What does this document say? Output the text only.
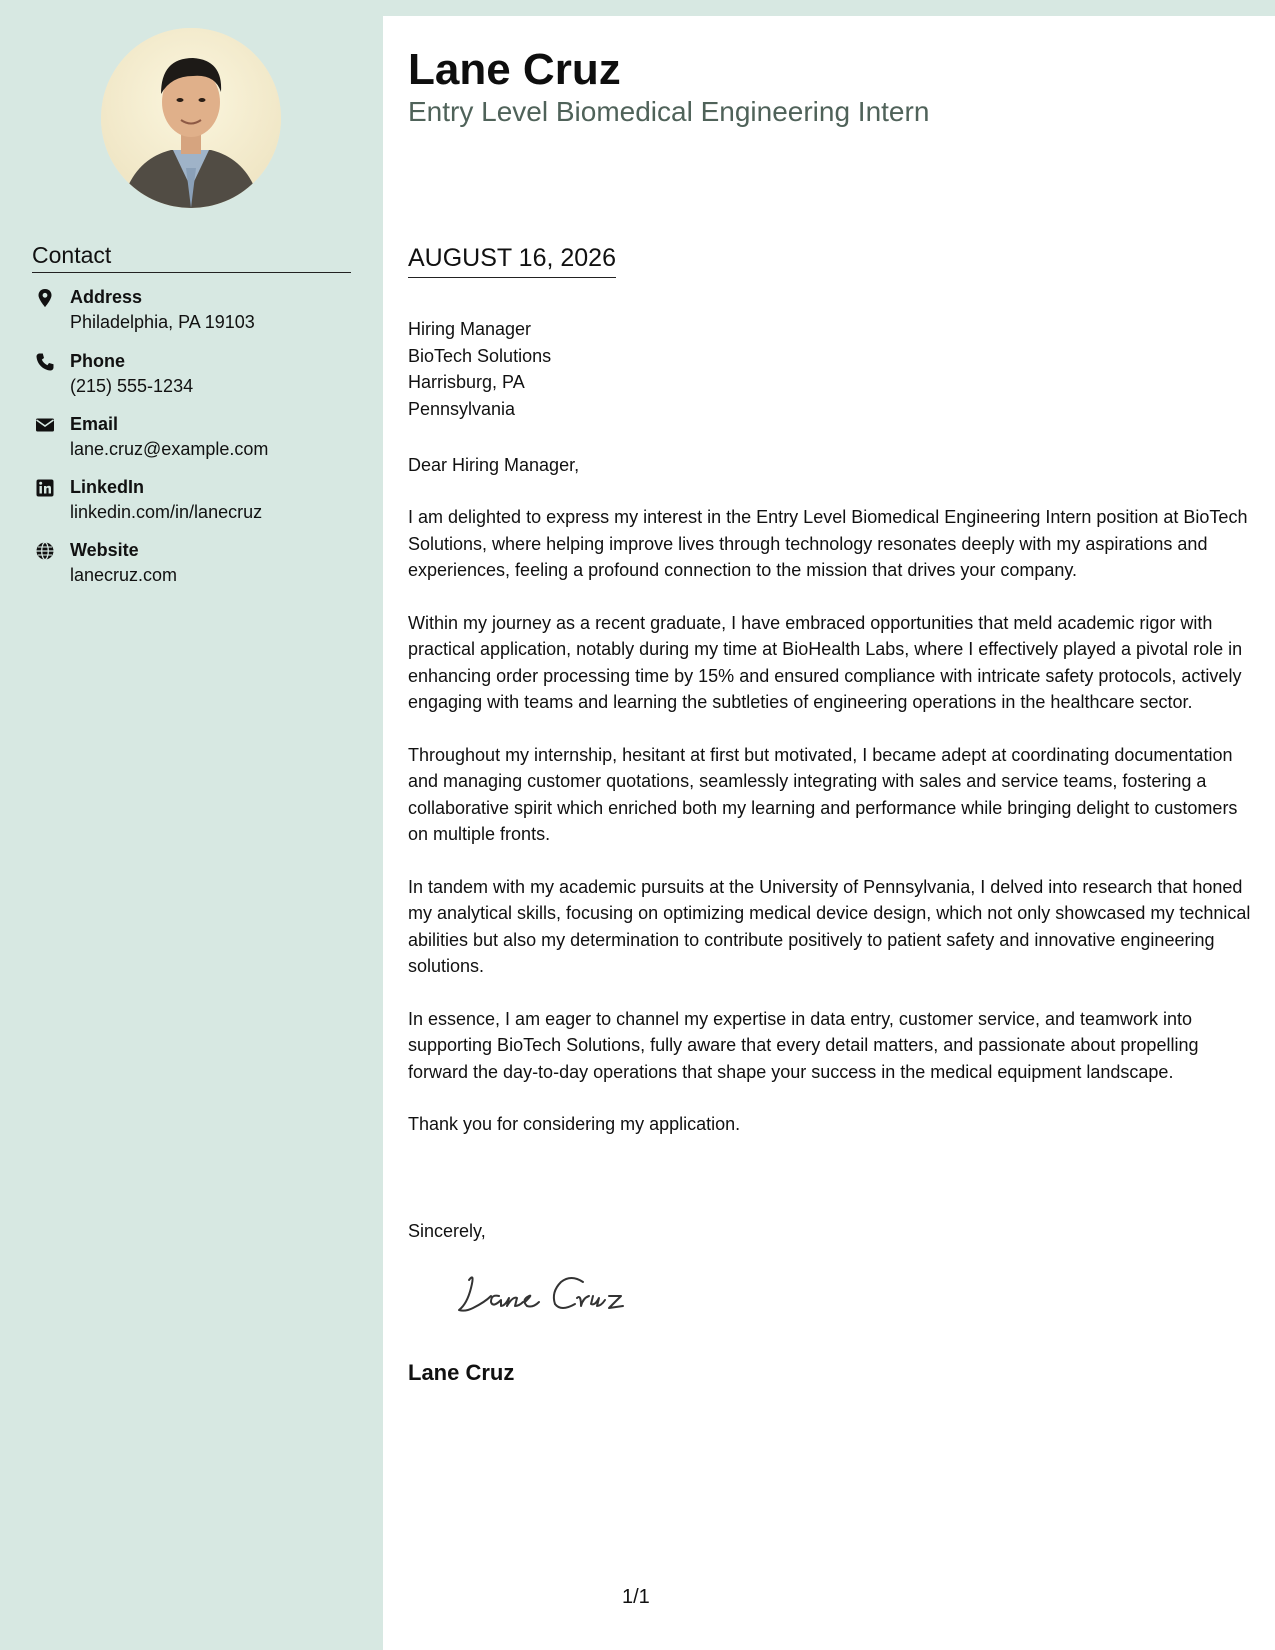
Contact
Address
Philadelphia, PA 19103
Phone
(215) 555-1234
Email
lane.cruz@example.com
LinkedIn
linkedin.com/in/lanecruz
Website
lanecruz.com
Lane Cruz
Entry Level Biomedical Engineering Intern
AUGUST 16, 2026
Hiring Manager
BioTech Solutions
Harrisburg, PA
Pennsylvania
Dear Hiring Manager,

I am delighted to express my interest in the Entry Level Biomedical Engineering Intern position at BioTech Solutions, where helping improve lives through technology resonates deeply with my aspirations and experiences, feeling a profound connection to the mission that drives your company.

Within my journey as a recent graduate, I have embraced opportunities that meld academic rigor with practical application, notably during my time at BioHealth Labs, where I effectively played a pivotal role in enhancing order processing time by 15% and ensured compliance with intricate safety protocols, actively engaging with teams and learning the subtleties of engineering operations in the healthcare sector.

Throughout my internship, hesitant at first but motivated, I became adept at coordinating documentation and managing customer quotations, seamlessly integrating with sales and service teams, fostering a collaborative spirit which enriched both my learning and performance while bringing delight to customers on multiple fronts.

In tandem with my academic pursuits at the University of Pennsylvania, I delved into research that honed my analytical skills, focusing on optimizing medical device design, which not only showcased my technical abilities but also my determination to contribute positively to patient safety and innovative engineering solutions.

In essence, I am eager to channel my expertise in data entry, customer service, and teamwork into supporting BioTech Solutions, fully aware that every detail matters, and passionate about propelling forward the day-to-day operations that shape your success in the medical equipment landscape.

Thank you for considering my application.

Sincerely,
Lane Cruz
1/1
